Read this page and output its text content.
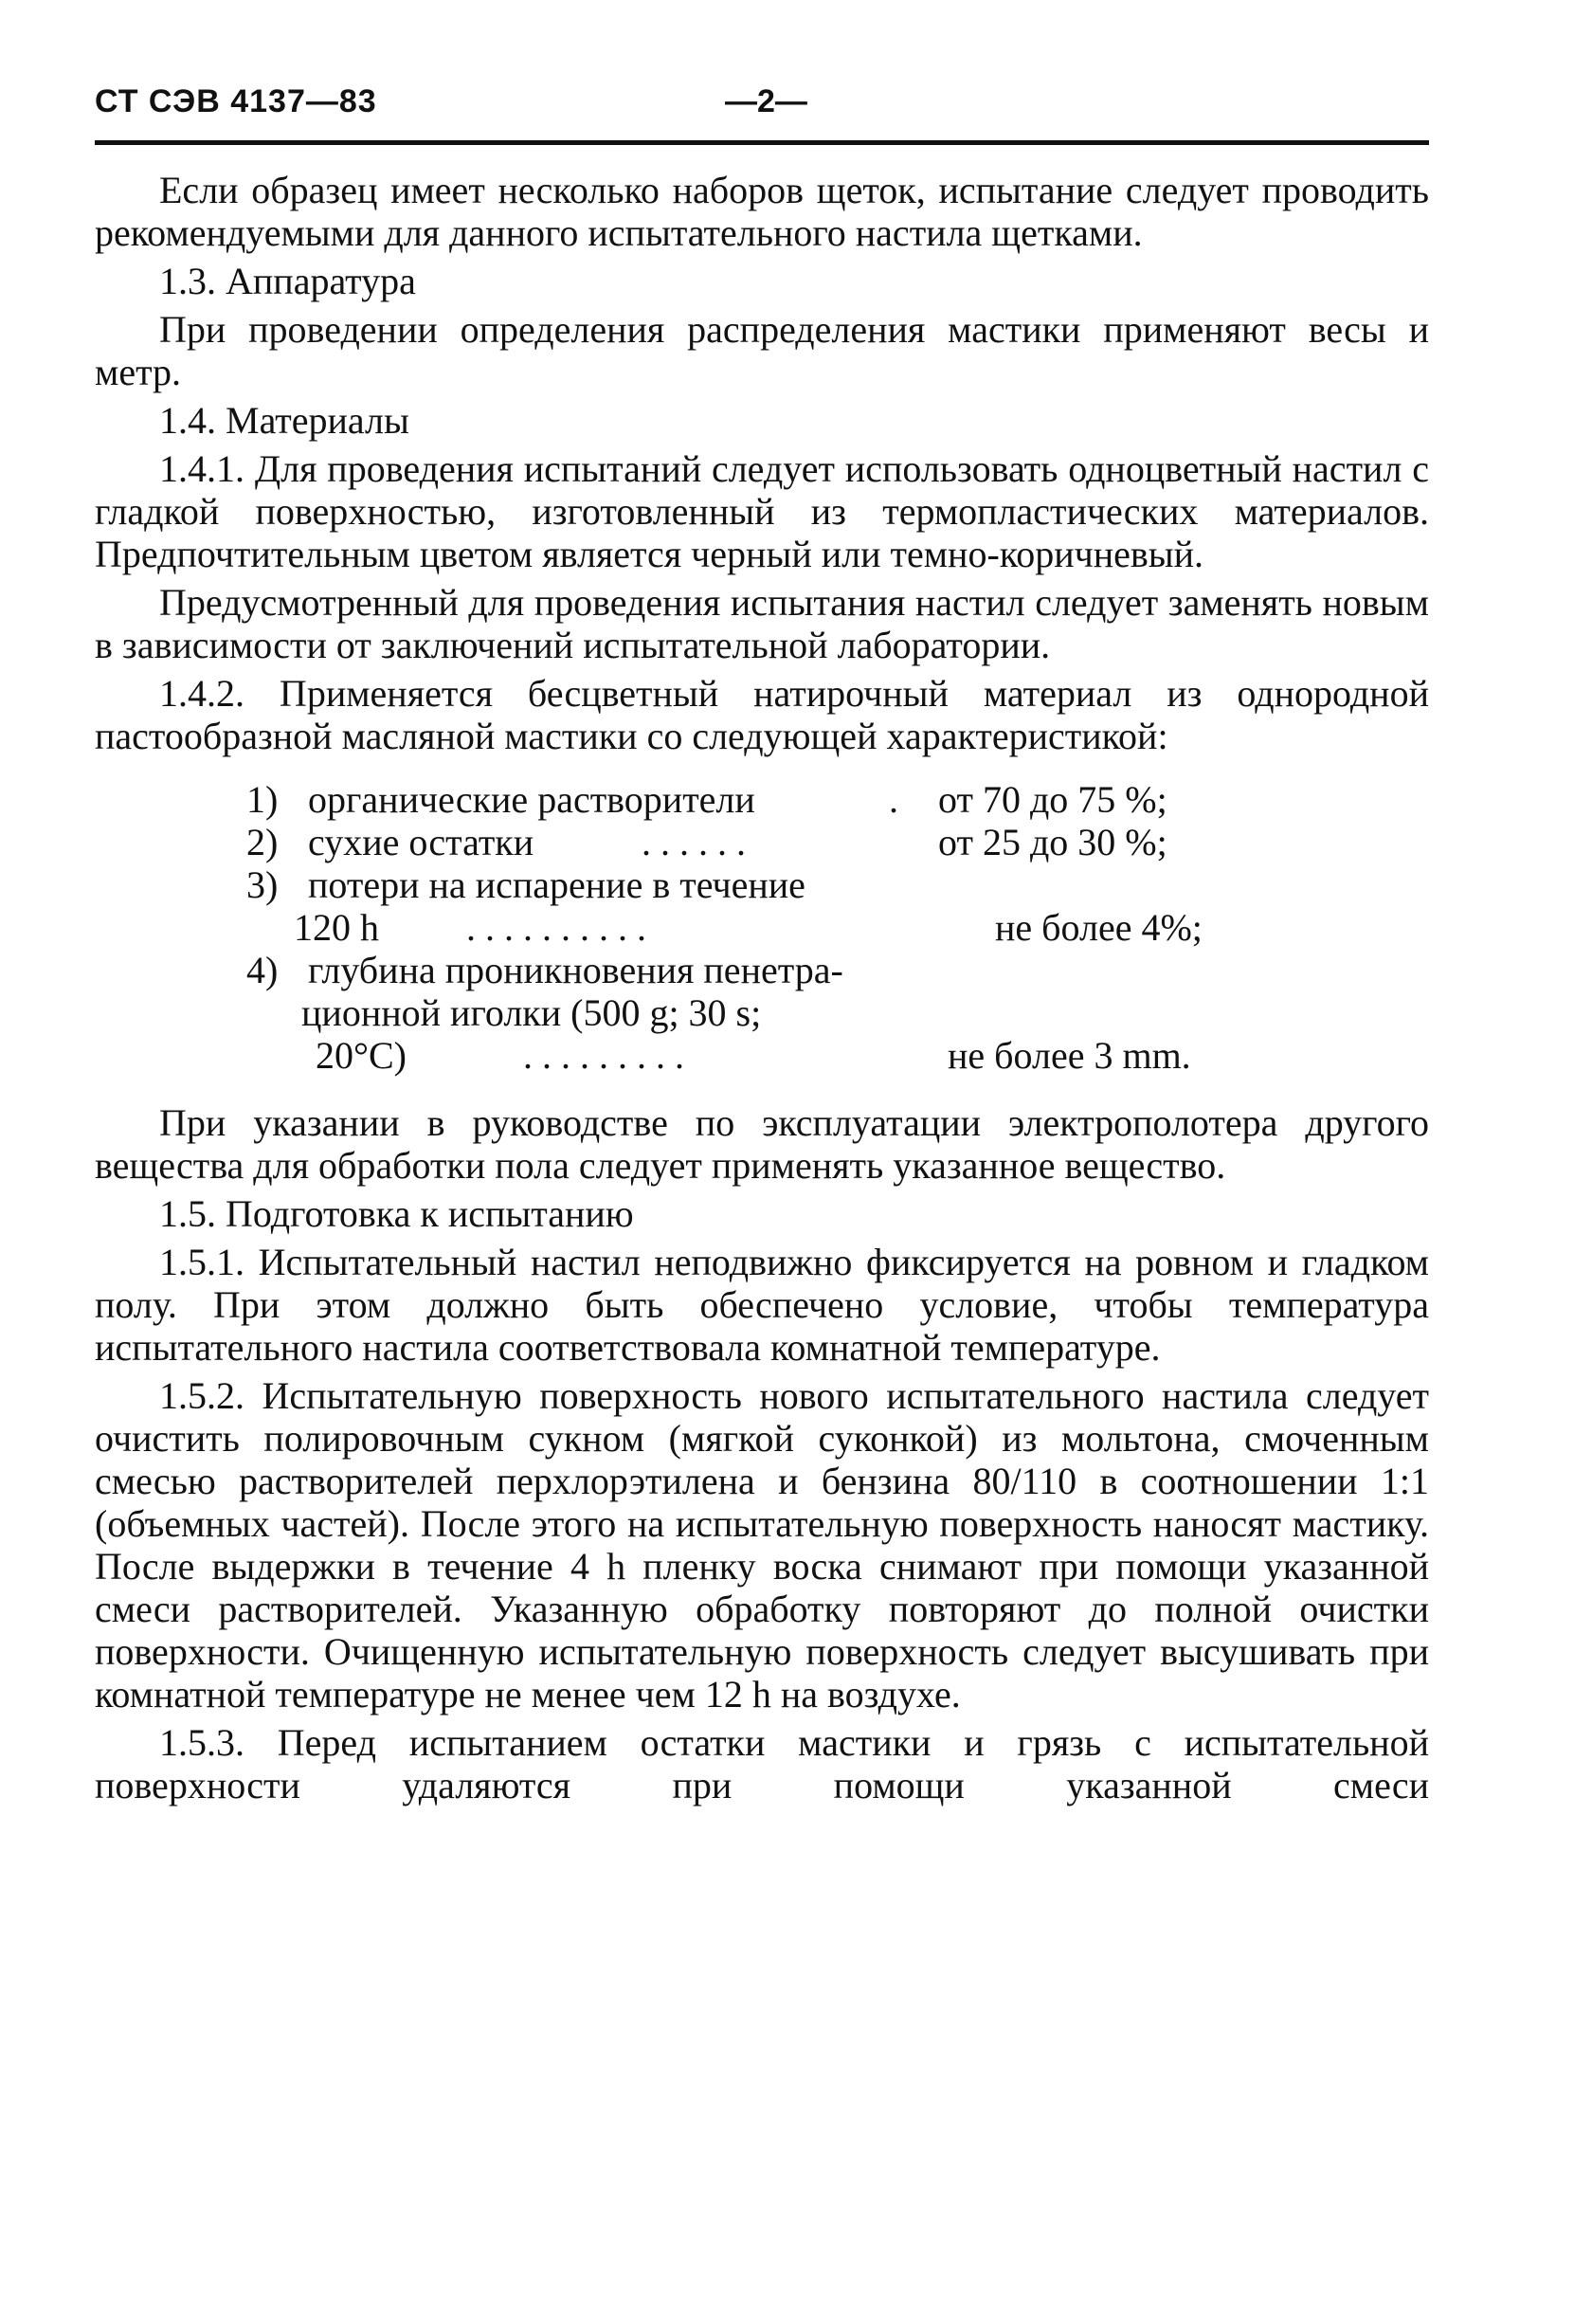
СТ СЭВ 4137—83	—2—

Если образец имеет несколько наборов щеток, испытание следует проводить рекомендуемыми для данного испытательного настила щетками.

1.3. Аппаратура

При проведении определения распределения мастики применяют весы и метр.

1.4. Материалы

1.4.1. Для проведения испытаний следует использовать одноцветный настил с гладкой поверхностью, изготовленный из термопластических материалов. Предпочтительным цветом является черный или темно-коричневый.

Предусмотренный для проведения испытания настил следует заменять новым в зависимости от заключений испытательной лаборатории.

1.4.2. Применяется бесцветный натирочный материал из однородной пастообразной масляной мастики со следующей характеристикой:

1) органические растворители	. от 70 до 75 %;
2) сухие остатки	......	от 25 до 30 %;
3) потери на испарение в течение
120 h ..........	не более 4%;
4) глубина проникновения пенетра-
ционной иголки (500 g; 30 s;
20°C)	.........	не более 3 mm.

При указании в руководстве по эксплуатации электрополотера другого вещества для обработки пола следует применять указанное вещество.

1.5. Подготовка к испытанию

1.5.1. Испытательный настил неподвижно фиксируется на ровном и гладком полу. При этом должно быть обеспечено условие, чтобы температура испытательного настила соответствовала комнатной температуре.

1.5.2. Испытательную поверхность нового испытательного настила следует очистить полировочным сукном (мягкой суконкой) из мольтона, смоченным смесью растворителей перхлорэтилена и бензина 80/110 в соотношении 1:1 (объемных частей). После этого на испытательную поверхность наносят мастику. После выдержки в течение 4 h пленку воска снимают при помощи указанной смеси растворителей. Указанную обработку повторяют до полной очистки поверхности. Очищенную испытательную поверхность следует высушивать при комнатной температуре не менее чем 12 h на воздухе.

1.5.3. Перед испытанием остатки мастики и грязь с испытательной поверхности удаляются при помощи указанной смеси
